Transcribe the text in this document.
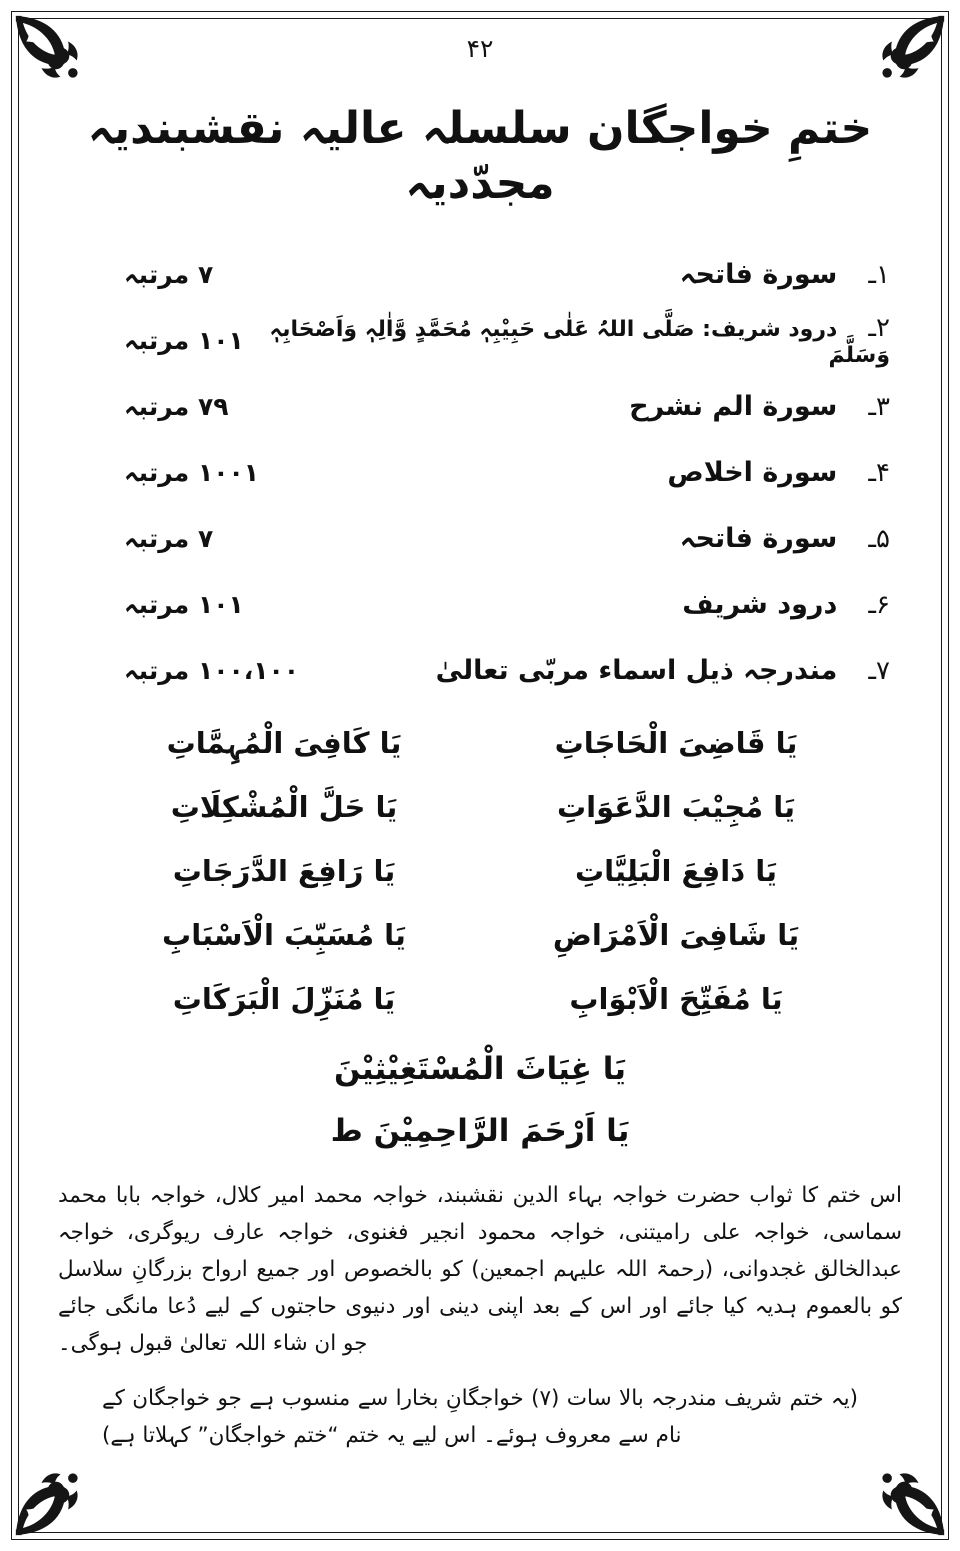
۴۲
ختمِ خواجگان سلسلہ عالیہ نقشبندیہ مجدّدیہ
۱ـ سورة فاتحہ
۷ مرتبہ
۲ـ درود شریف: صَلَّی اللہُ عَلٰی حَبِیْبِہٖ مُحَمَّدٍ وَّاٰلِہٖ وَاَصْحَابِہٖ وَسَلَّمَ
۱۰۱ مرتبہ
۳ـ سورة الم نشرح
۷۹ مرتبہ
۴ـ سورة اخلاص
۱۰۰۱ مرتبہ
۵ـ سورة فاتحہ
۷ مرتبہ
۶ـ درود شریف
۱۰۱ مرتبہ
۷ـ مندرجہ ذیل اسماء مربّی تعالیٰ
۱۰۰،۱۰۰ مرتبہ
یَا قَاضِیَ الْحَاجَاتِ
یَا کَافِیَ الْمُہِمَّاتِ
یَا مُجِیْبَ الدَّعَوَاتِ
یَا حَلَّ الْمُشْکِلَاتِ
یَا دَافِعَ الْبَلِیَّاتِ
یَا رَافِعَ الدَّرَجَاتِ
یَا شَافِیَ الْاَمْرَاضِ
یَا مُسَبِّبَ الْاَسْبَابِ
یَا مُفَتِّحَ الْاَبْوَابِ
یَا مُنَزِّلَ الْبَرَکَاتِ
یَا غِیَاثَ الْمُسْتَغِیْثِیْنَ
یَا اَرْحَمَ الرَّاحِمِیْنَ ط

اس ختم کا ثواب حضرت خواجہ بہاء الدین نقشبند، خواجہ محمد امیر کلال، خواجہ بابا محمد سماسی، خواجہ علی رامیتنی، خواجہ محمود انجیر فغنوی، خواجہ عارف ریوگری، خواجہ عبدالخالق غجدوانی، (رحمۃ اللہ علیہم اجمعین) کو بالخصوص اور جمیع ارواح بزرگانِ سلاسل کو بالعموم ہدیہ کیا جائے اور اس کے بعد اپنی دینی اور دنیوی حاجتوں کے لیے دُعا مانگی جائے جو ان شاء اللہ تعالیٰ قبول ہوگی۔

(یہ ختم شریف مندرجہ بالا سات (۷) خواجگانِ بخارا سے منسوب ہے جو خواجگان کے نام سے معروف ہوئے۔ اس لیے یہ ختم “ختم خواجگان” کہلاتا ہے)
